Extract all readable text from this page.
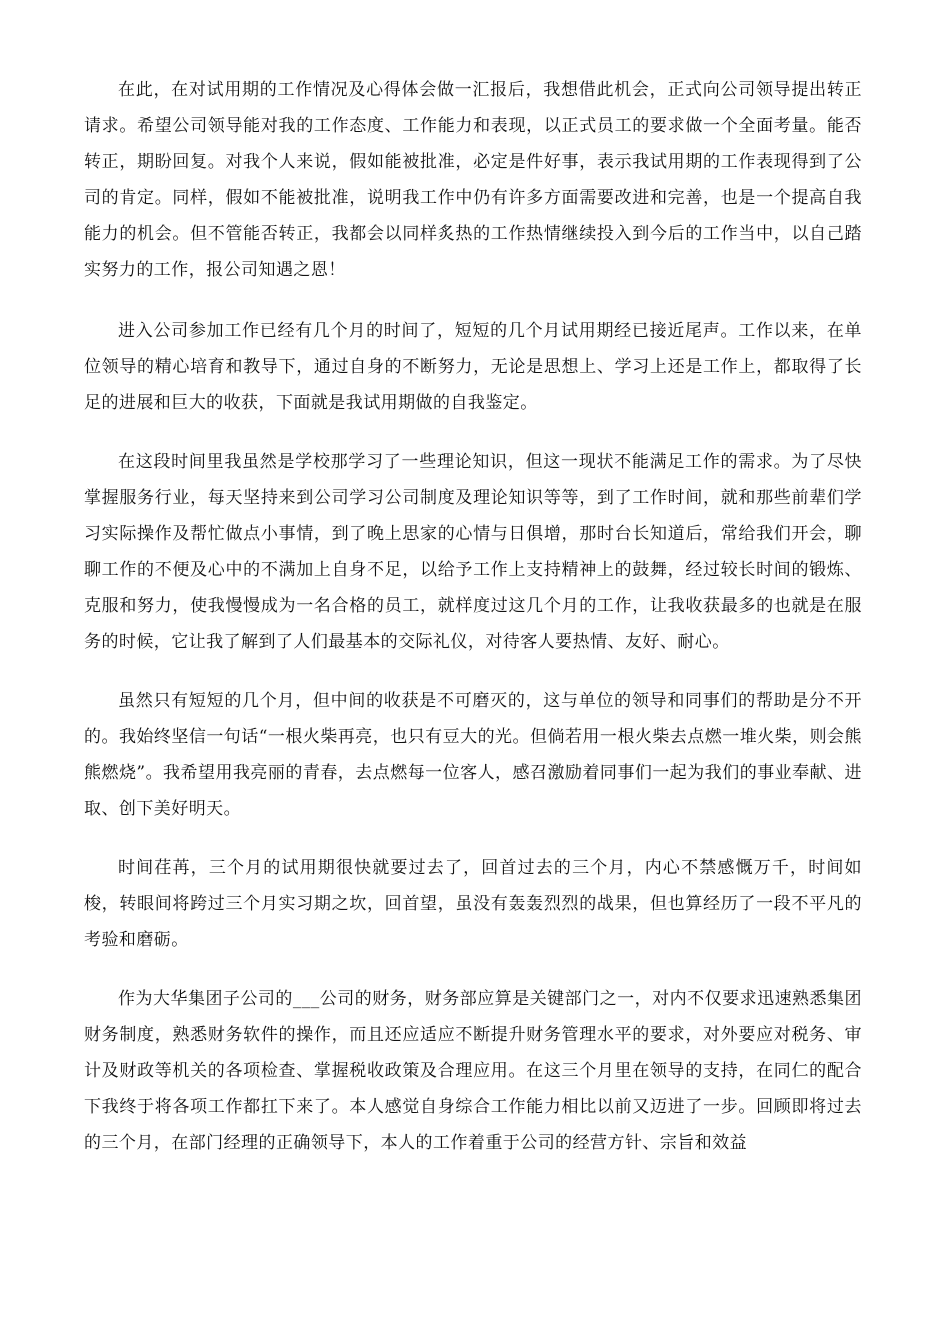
在此，在对试用期的工作情况及心得体会做一汇报后，我想借此机会，正式向公司领导提出转正请求。希望公司领导能对我的工作态度、工作能力和表现，以正式员工的要求做一个全面考量。能否转正，期盼回复。对我个人来说，假如能被批准，必定是件好事，表示我试用期的工作表现得到了公司的肯定。同样，假如不能被批准，说明我工作中仍有许多方面需要改进和完善，也是一个提高自我能力的机会。但不管能否转正，我都会以同样炙热的工作热情继续投入到今后的工作当中，以自己踏实努力的工作，报公司知遇之恩！

进入公司参加工作已经有几个月的时间了，短短的几个月试用期经已接近尾声。工作以来，在单位领导的精心培育和教导下，通过自身的不断努力，无论是思想上、学习上还是工作上，都取得了长足的进展和巨大的收获，下面就是我试用期做的自我鉴定。

在这段时间里我虽然是学校那学习了一些理论知识，但这一现状不能满足工作的需求。为了尽快掌握服务行业，每天坚持来到公司学习公司制度及理论知识等等，到了工作时间，就和那些前辈们学习实际操作及帮忙做点小事情，到了晚上思家的心情与日俱增，那时台长知道后，常给我们开会，聊聊工作的不便及心中的不满加上自身不足，以给予工作上支持精神上的鼓舞，经过较长时间的锻炼、克服和努力，使我慢慢成为一名合格的员工，就样度过这几个月的工作，让我收获最多的也就是在服务的时候，它让我了解到了人们最基本的交际礼仪，对待客人要热情、友好、耐心。

虽然只有短短的几个月，但中间的收获是不可磨灭的，这与单位的领导和同事们的帮助是分不开的。我始终坚信一句话“一根火柴再亮，也只有豆大的光。但倘若用一根火柴去点燃一堆火柴，则会熊熊燃烧”。我希望用我亮丽的青春，去点燃每一位客人，感召激励着同事们一起为我们的事业奉献、进取、创下美好明天。

时间荏苒，三个月的试用期很快就要过去了，回首过去的三个月，内心不禁感慨万千，时间如梭，转眼间将跨过三个月实习期之坎，回首望，虽没有轰轰烈烈的战果，但也算经历了一段不平凡的考验和磨砺。

作为大华集团子公司的___公司的财务，财务部应算是关键部门之一，对内不仅要求迅速熟悉集团财务制度，熟悉财务软件的操作，而且还应适应不断提升财务管理水平的要求，对外要应对税务、审计及财政等机关的各项检查、掌握税收政策及合理应用。在这三个月里在领导的支持，在同仁的配合下我终于将各项工作都扛下来了。本人感觉自身综合工作能力相比以前又迈进了一步。回顾即将过去的三个月，在部门经理的正确领导下，本人的工作着重于公司的经营方针、宗旨和效益
